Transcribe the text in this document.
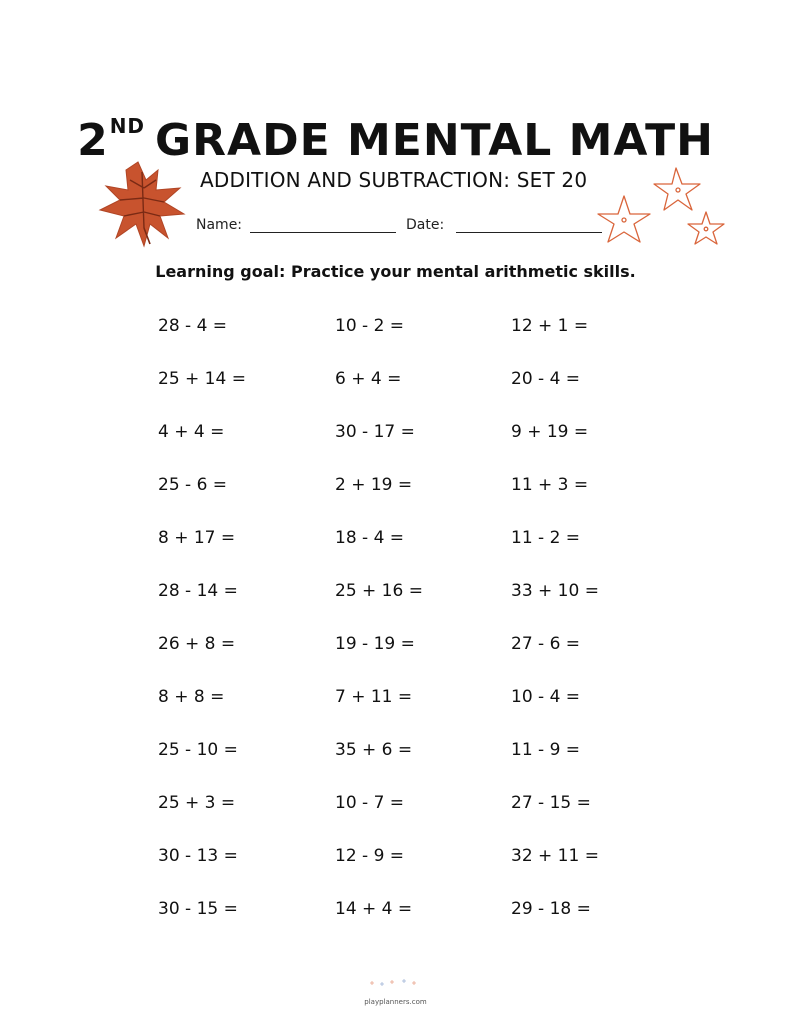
2ND GRADE MENTAL MATH
ADDITION AND SUBTRACTION: SET 20
Name:	Date:
Learning goal: Practice your mental arithmetic skills.
28 - 4 =	10 - 2 =	12 + 1 =
25 + 14 =	6 + 4 =	20 - 4 =
4 + 4 =	30 - 17 =	9 + 19 =
25 - 6 =	2 + 19 =	11 + 3 =
8 + 17 =	18 - 4 =	11 - 2 =
28 - 14 =	25 + 16 =	33 + 10 =
26 + 8 =	19 - 19 =	27 - 6 =
8 + 8 =	7 + 11 =	10 - 4 =
25 - 10 =	35 + 6 =	11 - 9 =
25 + 3 =	10 - 7 =	27 - 15 =
30 - 13 =	12 - 9 =	32 + 11 =
30 - 15 =	14 + 4 =	29 - 18 =
playplanners.com
